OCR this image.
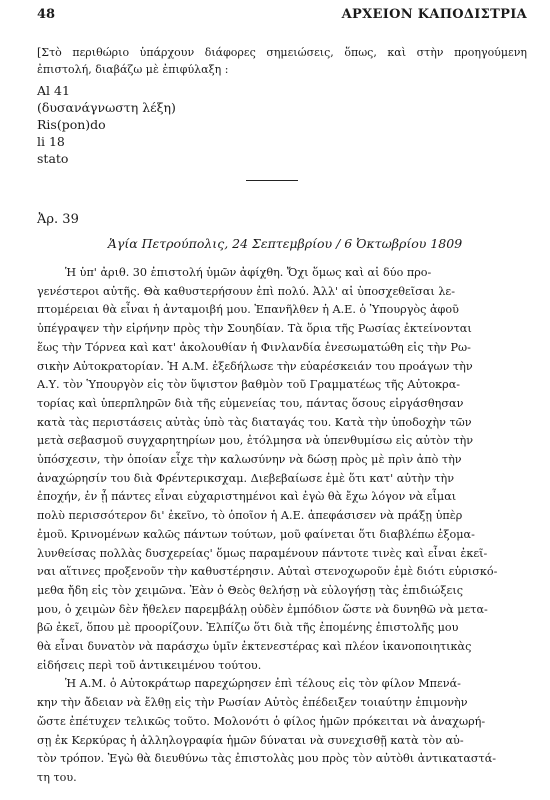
48	ΑΡΧΕΙΟΝ ΚΑΠΟΔΙΣΤΡΙΑ
[Στὸ περιθώριο ὑπάρχουν διάφορες σημειώσεις, ὅπως, καὶ στὴν προηγούμενη ἐπιστολή, διαβάζω μὲ ἐπιφύλαξη :
Al 41
(δυσανάγνωστη λέξη)
Ris(pon)do
li 18
stato
Ἀρ. 39
Ἁγία Πετρούπολις, 24 Σεπτεμβρίου / 6 Ὀκτωβρίου 1809
Ἡ ὑπ' ἀριθ. 30 ἐπιστολή ὑμῶν ἀφίχθη. Ὄχι ὅμως καὶ αἱ δύο προ-
γενέστεροι αὐτῆς. Θὰ καθυστερήσουν ἐπὶ πολύ. Ἀλλ' αἱ ὑποσχεθεῖσαι λε-
πτομέρειαι θὰ εἶναι ἡ ἀνταμοιβή μου. Ἐπανῆλθεν ἡ Α.Ε. ὁ Ὑπουργὸς ἀφοῦ
ὑπέγραψεν τὴν εἰρήνην πρὸς τὴν Σουηδίαν. Τὰ ὅρια τῆς Ρωσίας ἐκτείνονται
ἕως τὴν Τόρνεα καὶ κατ' ἀκολουθίαν ἡ Φινλανδία ἐνεσωματώθη εἰς τὴν Ρω-
σικὴν Αὐτοκρατορίαν. Ἡ Α.Μ. ἐξεδήλωσε τὴν εὐαρέσκειάν του προάγων τὴν
Α.Υ. τὸν Ὑπουργὸν εἰς τὸν ὕψιστον βαθμὸν τοῦ Γραμματέως τῆς Αὐτοκρα-
τορίας καὶ ὑπερπληρῶν διὰ τῆς εὐμενείας του, πάντας ὅσους εἰργάσθησαν
κατὰ τὰς περιστάσεις αὐτὰς ὑπὸ τὰς διαταγάς του. Κατὰ τὴν ὑποδοχὴν τῶν
μετὰ σεβασμοῦ συγχαρητηρίων μου, ἐτόλμησα νὰ ὑπενθυμίσω εἰς αὐτὸν τὴν
ὑπόσχεσιν, τὴν ὁποίαν εἶχε τὴν καλωσύνην νὰ δώσῃ πρὸς μὲ πρὶν ἀπὸ τὴν
ἀναχώρησίν του διὰ Φρέντερικσχαμ. Διεβεβαίωσε ἐμὲ ὅτι κατ' αὐτὴν τὴν
ἐποχήν, ἐν ᾗ πάντες εἶναι εὐχαριστημένοι καὶ ἐγὼ θὰ ἔχω λόγον νὰ εἶμαι
πολὺ περισσότερον δι' ἐκεῖνο, τὸ ὁποῖον ἡ Α.Ε. ἀπεφάσισεν νὰ πράξῃ ὑπὲρ
ἐμοῦ. Κρινομένων καλῶς πάντων τούτων, μοῦ φαίνεται ὅτι διαβλέπω ἐξομα-
λυνθείσας πολλὰς δυσχερείας' ὅμως παραμένουν πάντοτε τινὲς καὶ εἶναι ἐκεῖ-
ναι αἵτινες προξενοῦν τὴν καθυστέρησιν. Αὐταὶ στενοχωροῦν ἐμὲ διότι εὑρισκό-
μεθα ἤδη εἰς τὸν χειμῶνα. Ἐὰν ὁ Θεὸς θελήσῃ νὰ εὐλογήσῃ τὰς ἐπιδιώξεις
μου, ὁ χειμὼν δὲν ἤθελεν παρεμβάλῃ οὐδὲν ἐμπόδιον ὥστε νὰ δυνηθῶ νὰ μετα-
βῶ ἐκεῖ, ὅπου μὲ προορίζουν. Ἐλπίζω ὅτι διὰ τῆς ἐπομένης ἐπιστολῆς μου
θὰ εἶναι δυνατὸν νὰ παράσχω ὑμῖν ἐκτενεστέρας καὶ πλέον ἱκανοποιητικὰς
εἰδήσεις περὶ τοῦ ἀντικειμένου τούτου.
Ἡ Α.Μ. ὁ Αὐτοκράτωρ παρεχώρησεν ἐπὶ τέλους εἰς τὸν φίλον Μπενά-
κην τὴν ἄδειαν νὰ ἔλθῃ εἰς τὴν Ρωσίαν Αὐτὸς ἐπέδειξεν τοιαύτην ἐπιμονὴν
ὥστε ἐπέτυχεν τελικῶς τοῦτο. Μολονότι ὁ φίλος ἡμῶν πρόκειται νὰ ἀναχωρή-
σῃ ἐκ Κερκύρας ἡ ἀλληλογραφία ἡμῶν δύναται νὰ συνεχισθῇ κατὰ τὸν αὐ-
τὸν τρόπον. Ἐγὼ θὰ διευθύνω τὰς ἐπιστολὰς μου πρὸς τὸν αὐτὸθι ἀντικαταστά-
τη του.
